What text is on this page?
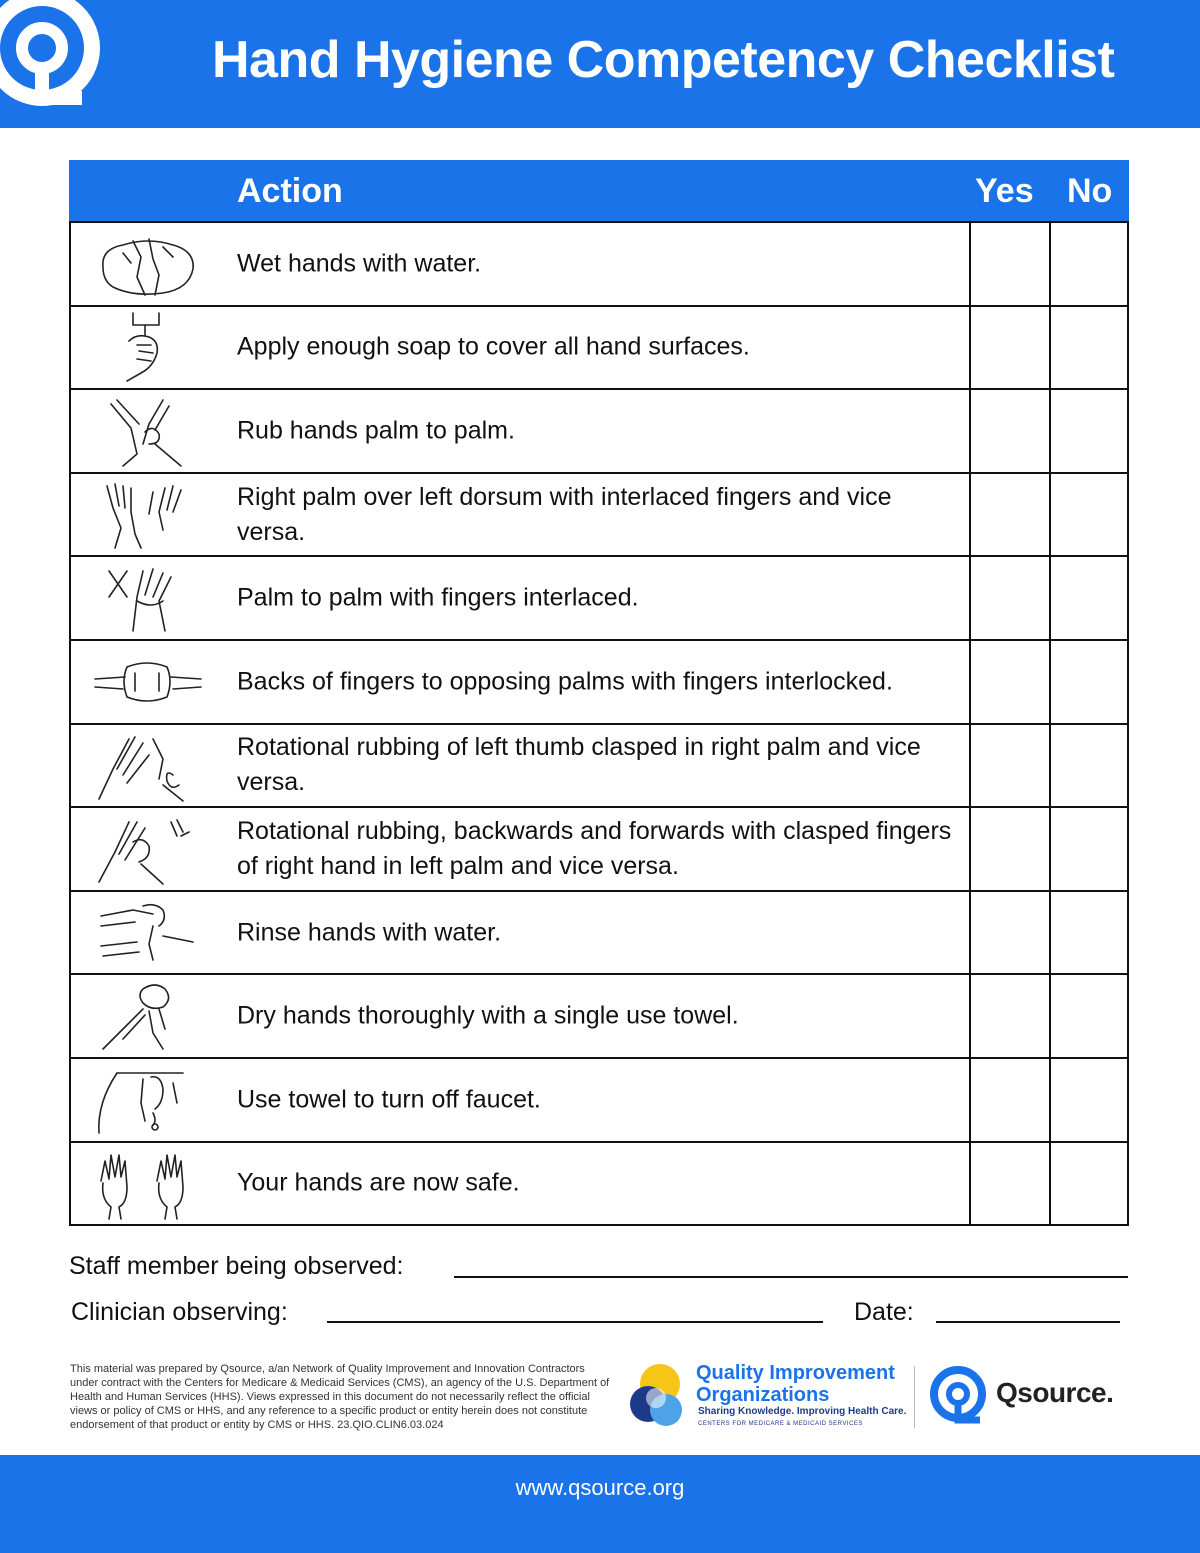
Hand Hygiene Competency Checklist
Action	Yes No
Wet hands with water.
Apply enough soap to cover all hand surfaces.
Rub hands palm to palm.
Right palm over left dorsum with interlaced fingers and vice versa.
Palm to palm with fingers interlaced.
Backs of fingers to opposing palms with fingers interlocked.
Rotational rubbing of left thumb clasped in right palm and vice versa.
Rotational rubbing, backwards and forwards with clasped fingers of right hand in left palm and vice versa.
Rinse hands with water.
Dry hands thoroughly with a single use towel.
Use towel to turn off faucet.
Your hands are now safe.
Staff member being observed:
Clinician observing:	Date:
This material was prepared by Qsource, a/an Network of Quality Improvement and Innovation Contractors under contract with the Centers for Medicare & Medicaid Services (CMS), an agency of the U.S. Department of Health and Human Services (HHS). Views expressed in this document do not necessarily reflect the official views or policy of CMS or HHS, and any reference to a specific product or entity herein does not constitute endorsement of that product or entity by CMS or HHS. 23.QIO.CLIN6.03.024
Quality Improvement
Organizations
Sharing Knowledge. Improving Health Care.
CENTERS FOR MEDICARE & MEDICAID SERVICES
Qsource.
www.qsource.org
